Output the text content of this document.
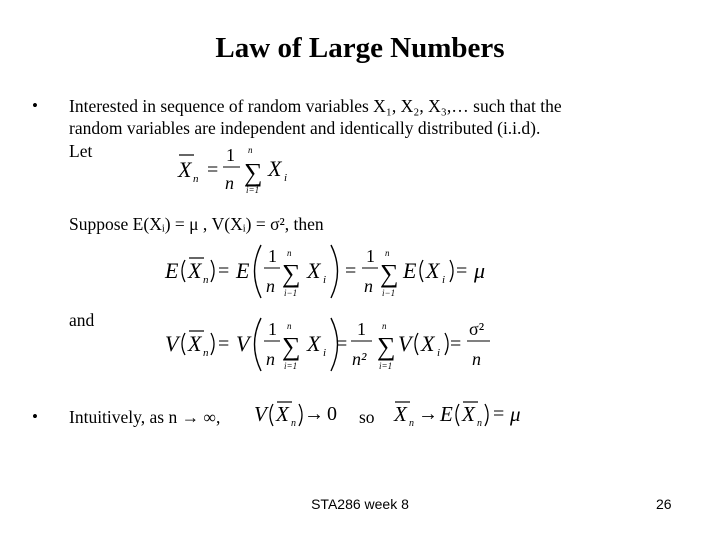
Law of Large Numbers
• Interested in sequence of random variables X₁, X₂, X₃,… such that the
random variables are independent and identically distributed (i.i.d).
Let
X n =
1
n
n
∑
i=1
X i
Suppose E(Xᵢ) = μ , V(Xᵢ) = σ², then
E X n = E
1
n
n
∑
i−1
X i =
1
n
n
∑
i−1
E X i = μ
and
V X n = V
1
n
n
∑
i=1
X i =
1
n²
n
∑
i=1
V X i =
σ²
n
• Intuitively, as n → ∞, V X n → 0 so X n → E X n = μ
STA286 week 8	26
